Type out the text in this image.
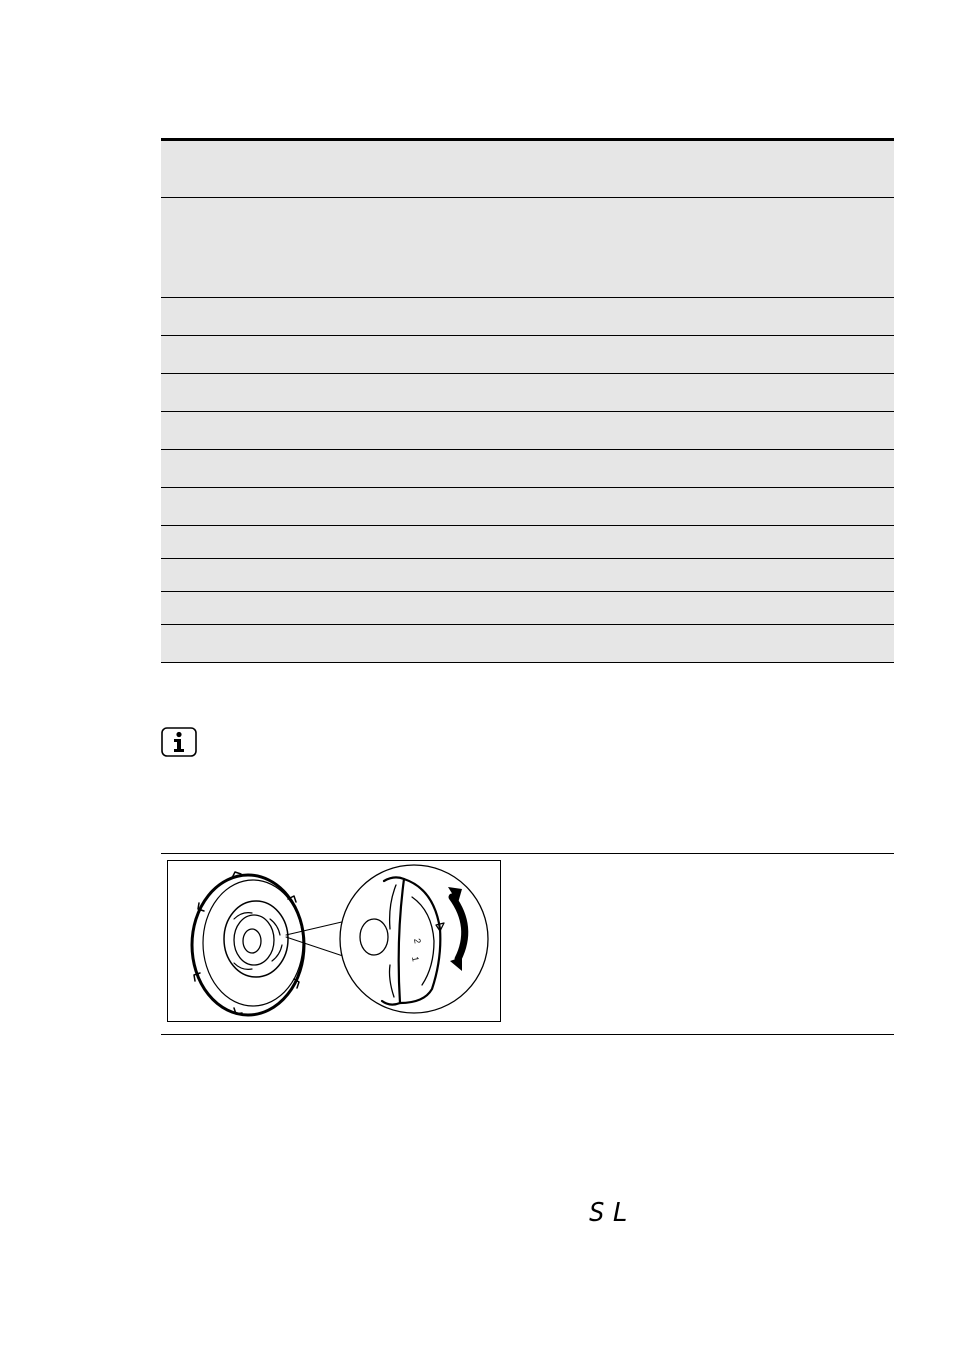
2
1
SL
